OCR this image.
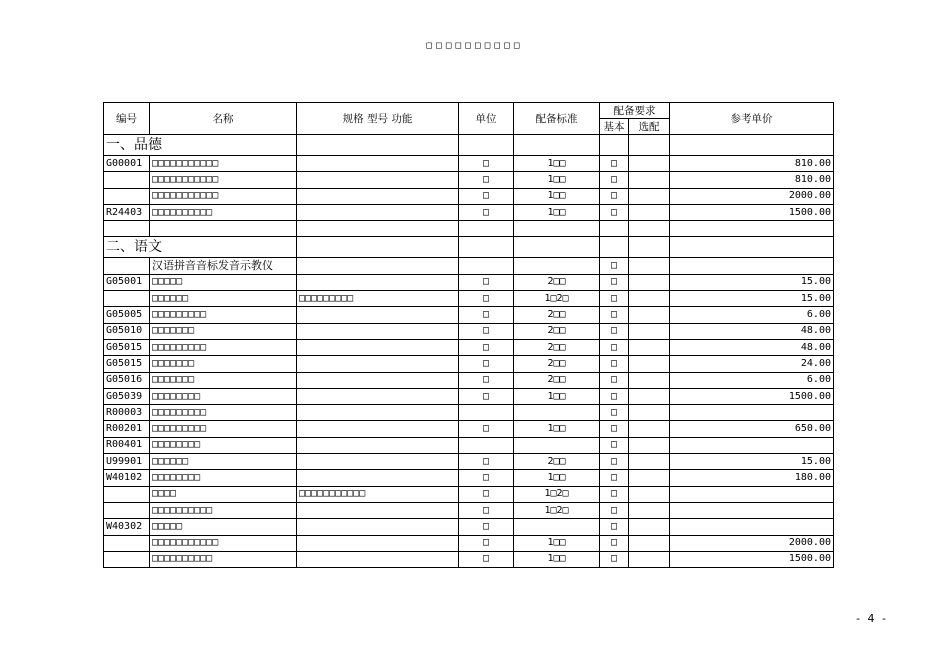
□□□□□□□□□□
编号	名称	规格 型号 功能	单位	配备标准	配备要求		参考单价
					基本	选配	
一、品德							
G00001	□□□□□□□□□□□		□	1□□	□		810.00
	□□□□□□□□□□□		□	1□□	□		810.00
	□□□□□□□□□□□		□	1□□	□		2000.00
R24403	□□□□□□□□□□		□	1□□	□		1500.00

二、语文							
	汉语拼音音标发音示教仪				□		
G05001	□□□□□		□	2□□	□		15.00
	□□□□□□	□□□□□□□□□	□	1□2□	□		15.00
G05005	□□□□□□□□□		□	2□□	□		6.00
G05010	□□□□□□□		□	2□□	□		48.00
G05015	□□□□□□□□□		□	2□□	□		48.00
G05015	□□□□□□□		□	2□□	□		24.00
G05016	□□□□□□□		□	2□□	□		6.00
G05039	□□□□□□□□		□	1□□	□		1500.00
R00003	□□□□□□□□□				□		
R00201	□□□□□□□□□		□	1□□	□		650.00
R00401	□□□□□□□□				□		
U99901	□□□□□□		□	2□□	□		15.00
W40102	□□□□□□□□		□	1□□	□		180.00
	□□□□	□□□□□□□□□□□	□	1□2□	□		
	□□□□□□□□□□		□	1□2□	□		
W40302	□□□□□		□		□		
	□□□□□□□□□□□		□	1□□	□		2000.00
	□□□□□□□□□□		□	1□□	□		1500.00
- 4 -
